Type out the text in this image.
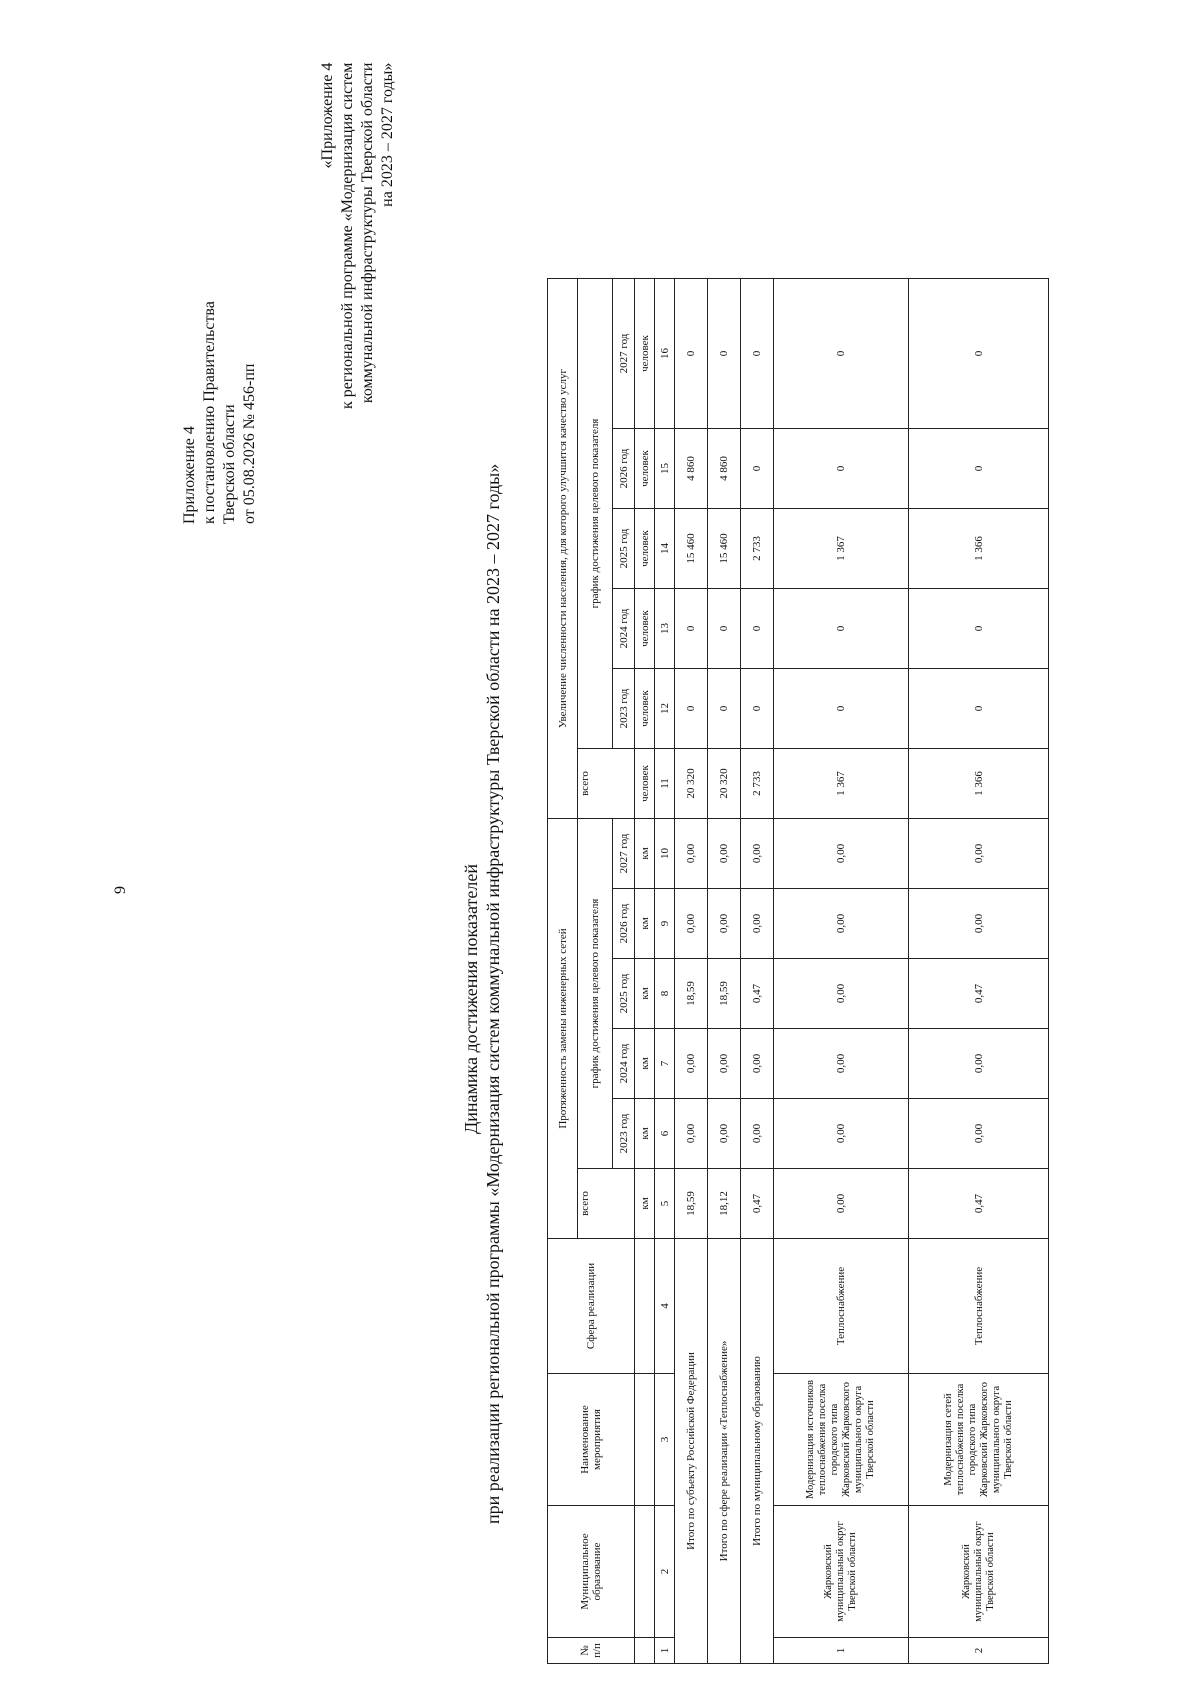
9
Приложение 4 к постановлению Правительства Тверской области от 05.08.2026 № 456-пп
«Приложение 4 к региональной программе «Модернизация систем коммунальной инфраструктуры Тверской области на 2023 – 2027 годы»
Динамика достижения показателей при реализации региональной программы «Модернизация систем коммунальной инфраструктуры Тверской области на 2023 – 2027 годы»
№ п/п	Муниципальное образование	Наименование мероприятия	Сфера реализации	Протяженность замены инженерных сетей						Увеличение численности населения, для которого улучшится качество услуг					
				всего	график достижения целевого показателя					всего	график достижения целевого показателя				
					2023 год	2024 год	2025 год	2026 год	2027 год		2023 год	2024 год	2025 год	2026 год	2027 год
				км	км	км	км	км	км	человек	человек	человек	человек	человек	человек
1	2	3	4	5	6	7	8	9	10	11	12	13	14	15	16
Итого по субъекту Российской Федерации				18,59	0,00	0,00	18,59	0,00	0,00	20 320	0	0	15 460	4 860	0
Итого по сфере реализации «Теплоснабжение»				18,12	0,00	0,00	18,59	0,00	0,00	20 320	0	0	15 460	4 860	0
Итого по муниципальному образованию				0,47	0,00	0,00	0,47	0,00	0,00	2 733	0	0	2 733	0	0
1	Жарковский муниципальный округ Тверской области	Модернизация источников теплоснабжения поселка городского типа Жарковский Жарковского муниципального округа Тверской области	Теплоснабжение	0,00	0,00	0,00	0,00	0,00	0,00	1 367	0	0	1 367	0	0
2	Жарковский муниципальный округ Тверской области	Модернизация сетей теплоснабжения поселка городского типа Жарковский Жарковского муниципального округа Тверской области	Теплоснабжение	0,47	0,00	0,00	0,47	0,00	0,00	1 366	0	0	1 366	0	0
